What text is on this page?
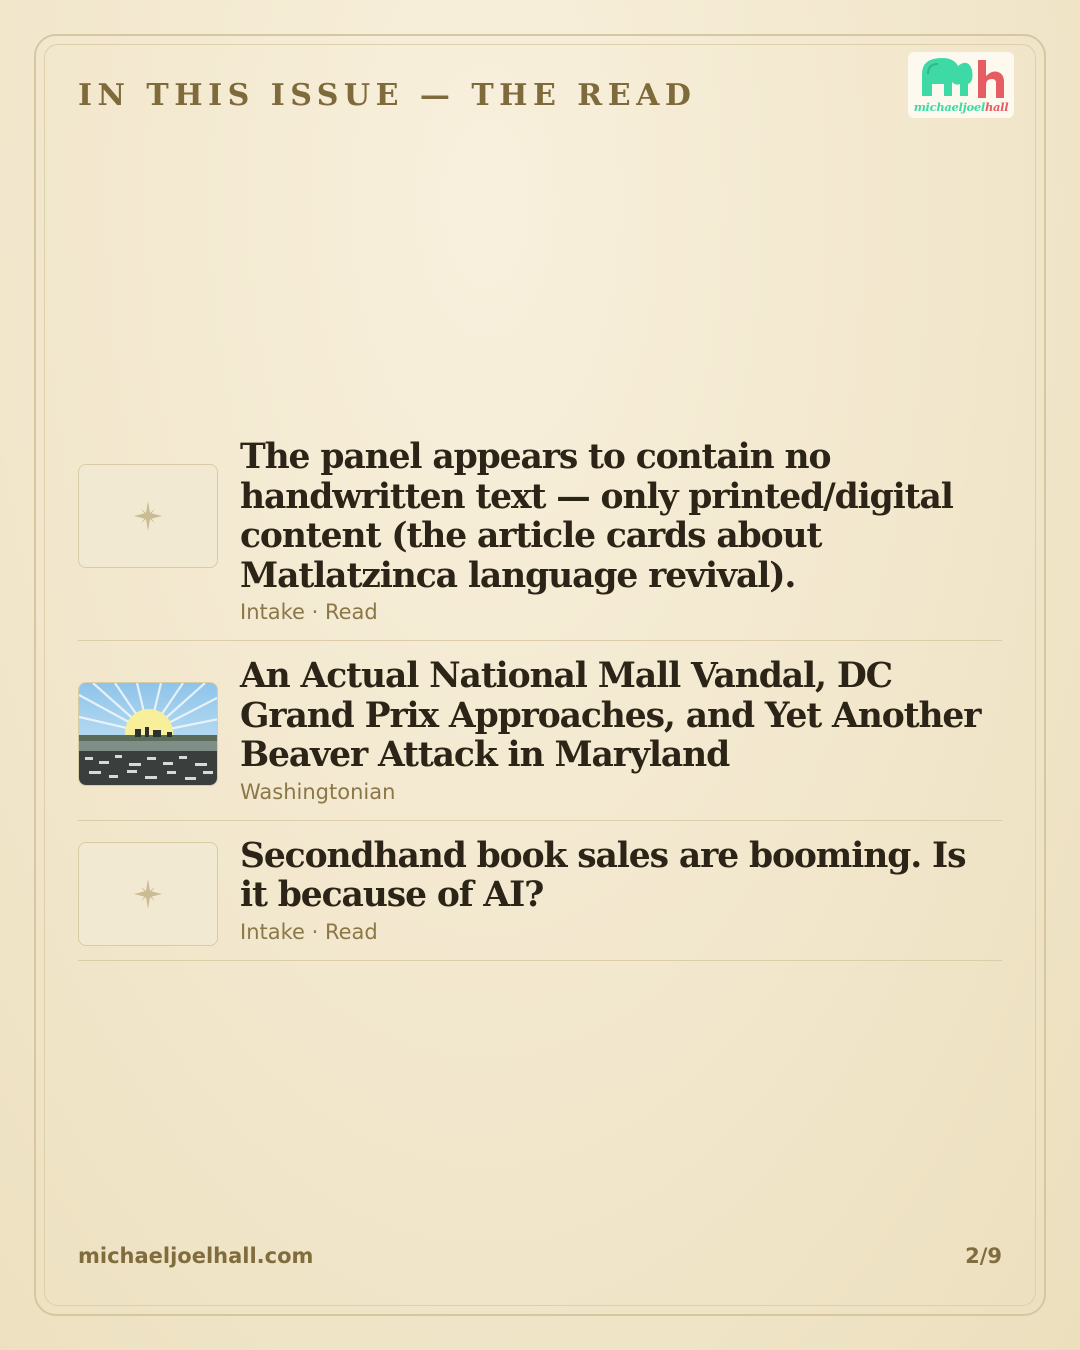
IN THIS ISSUE — THE READ	michaeljoelhall
The panel appears to contain no handwritten text — only printed/digital content (the article cards about Matlatzinca language revival).
Intake · Read
An Actual National Mall Vandal, DC Grand Prix Approaches, and Yet Another Beaver Attack in Maryland
Washingtonian
Secondhand book sales are booming. Is it because of AI?
Intake · Read
michaeljoelhall.com	2/9
